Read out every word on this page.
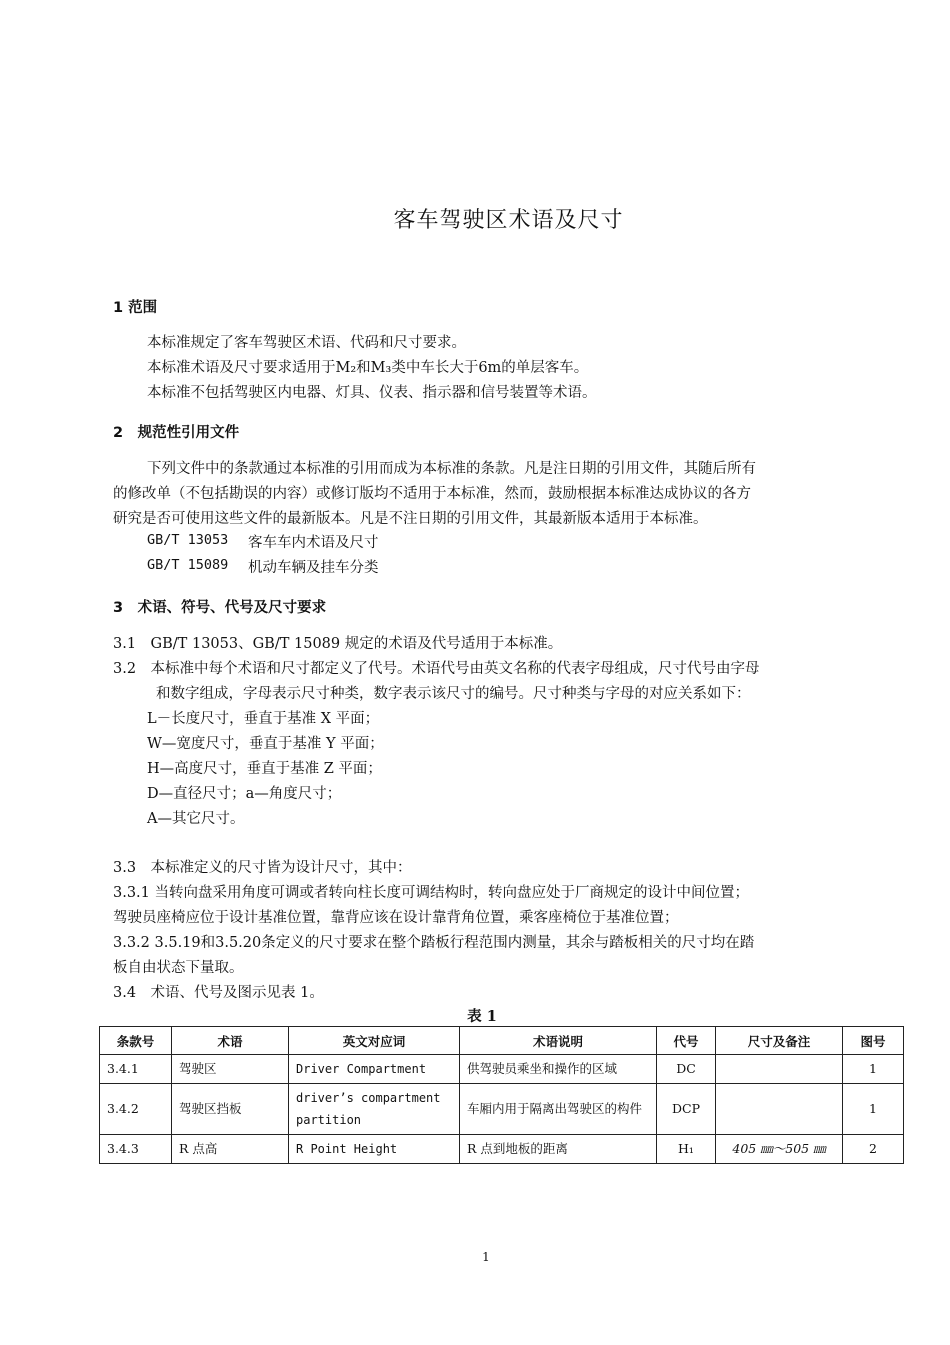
客车驾驶区术语及尺寸
1 范围
本标准规定了客车驾驶区术语、代码和尺寸要求。
本标准术语及尺寸要求适用于M₂和M₃类中车长大于6m的单层客车。
本标准不包括驾驶区内电器、灯具、仪表、指示器和信号装置等术语。
2　规范性引用文件
下列文件中的条款通过本标准的引用而成为本标准的条款。凡是注日期的引用文件，其随后所有
的修改单（不包括勘误的内容）或修订版均不适用于本标准，然而，鼓励根据本标准达成协议的各方
研究是否可使用这些文件的最新版本。凡是不注日期的引用文件，其最新版本适用于本标准。
GB/T 13053 客车车内术语及尺寸
GB/T 15089 机动车辆及挂车分类
3　术语、符号、代号及尺寸要求
3.1　GB/T 13053、GB/T 15089 规定的术语及代号适用于本标准。
3.2　本标准中每个术语和尺寸都定义了代号。术语代号由英文名称的代表字母组成，尺寸代号由字母
和数字组成，字母表示尺寸种类，数字表示该尺寸的编号。尺寸种类与字母的对应关系如下：
L－长度尺寸，垂直于基准 X 平面；
W—宽度尺寸，垂直于基准 Y 平面；
H—高度尺寸，垂直于基准 Z 平面；
D—直径尺寸；a—角度尺寸；
A—其它尺寸。
3.3　本标准定义的尺寸皆为设计尺寸，其中：
3.3.1 当转向盘采用角度可调或者转向柱长度可调结构时，转向盘应处于厂商规定的设计中间位置；
驾驶员座椅应位于设计基准位置，靠背应该在设计靠背角位置，乘客座椅位于基准位置；
3.3.2 3.5.19和3.5.20条定义的尺寸要求在整个踏板行程范围内测量，其余与踏板相关的尺寸均在踏
板自由状态下量取。
3.4　术语、代号及图示见表 1。
表 1
条款号	术语	英文对应词	术语说明	代号	尺寸及备注	图号
3.4.1	驾驶区	Driver Compartment	供驾驶员乘坐和操作的区域	DC		1
3.4.2	驾驶区挡板	driver’s compartment partition	车厢内用于隔离出驾驶区的构件	DCP		1
3.4.3	R 点高	R Point Height	R 点到地板的距离	H₁	405 ㎜～505 ㎜	2
1
